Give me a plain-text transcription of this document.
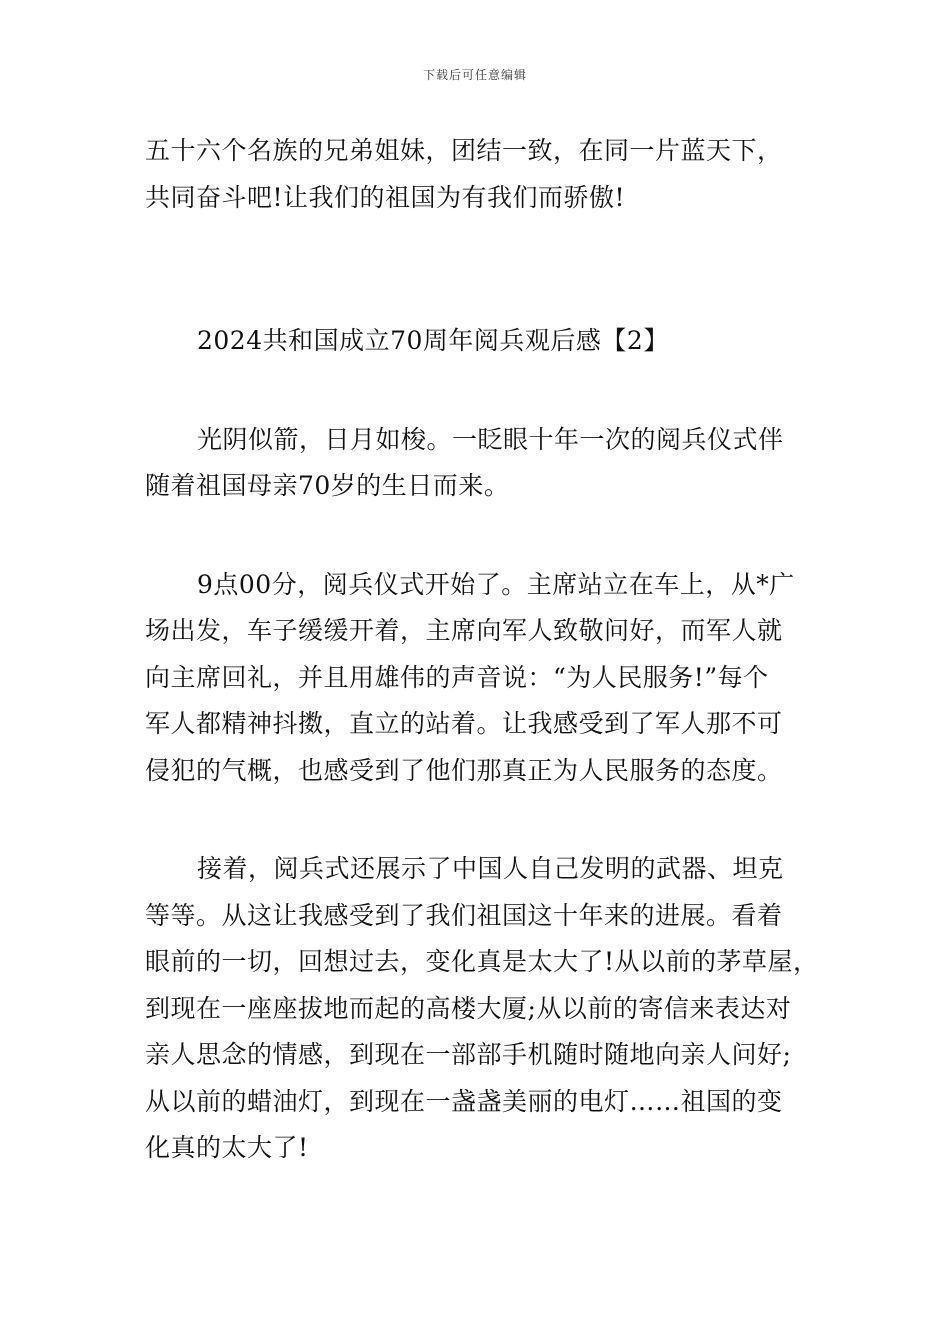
下载后可任意编辑

五十六个名族的兄弟姐妹，团结一致，在同一片蓝天下，
共同奋斗吧!让我们的祖国为有我们而骄傲!

2024共和国成立70周年阅兵观后感【2】

光阴似箭，日月如梭。一眨眼十年一次的阅兵仪式伴
随着祖国母亲70岁的生日而来。

9点00分，阅兵仪式开始了。主席站立在车上，从*广
场出发，车子缓缓开着，主席向军人致敬问好，而军人就
向主席回礼，并且用雄伟的声音说：“为人民服务!”每个
军人都精神抖擞，直立的站着。让我感受到了军人那不可
侵犯的气概，也感受到了他们那真正为人民服务的态度。

接着，阅兵式还展示了中国人自己发明的武器、坦克
等等。从这让我感受到了我们祖国这十年来的进展。看着
眼前的一切，回想过去，变化真是太大了!从以前的茅草屋，
到现在一座座拔地而起的高楼大厦;从以前的寄信来表达对
亲人思念的情感，到现在一部部手机随时随地向亲人问好;
从以前的蜡油灯，到现在一盏盏美丽的电灯……祖国的变
化真的太大了!
